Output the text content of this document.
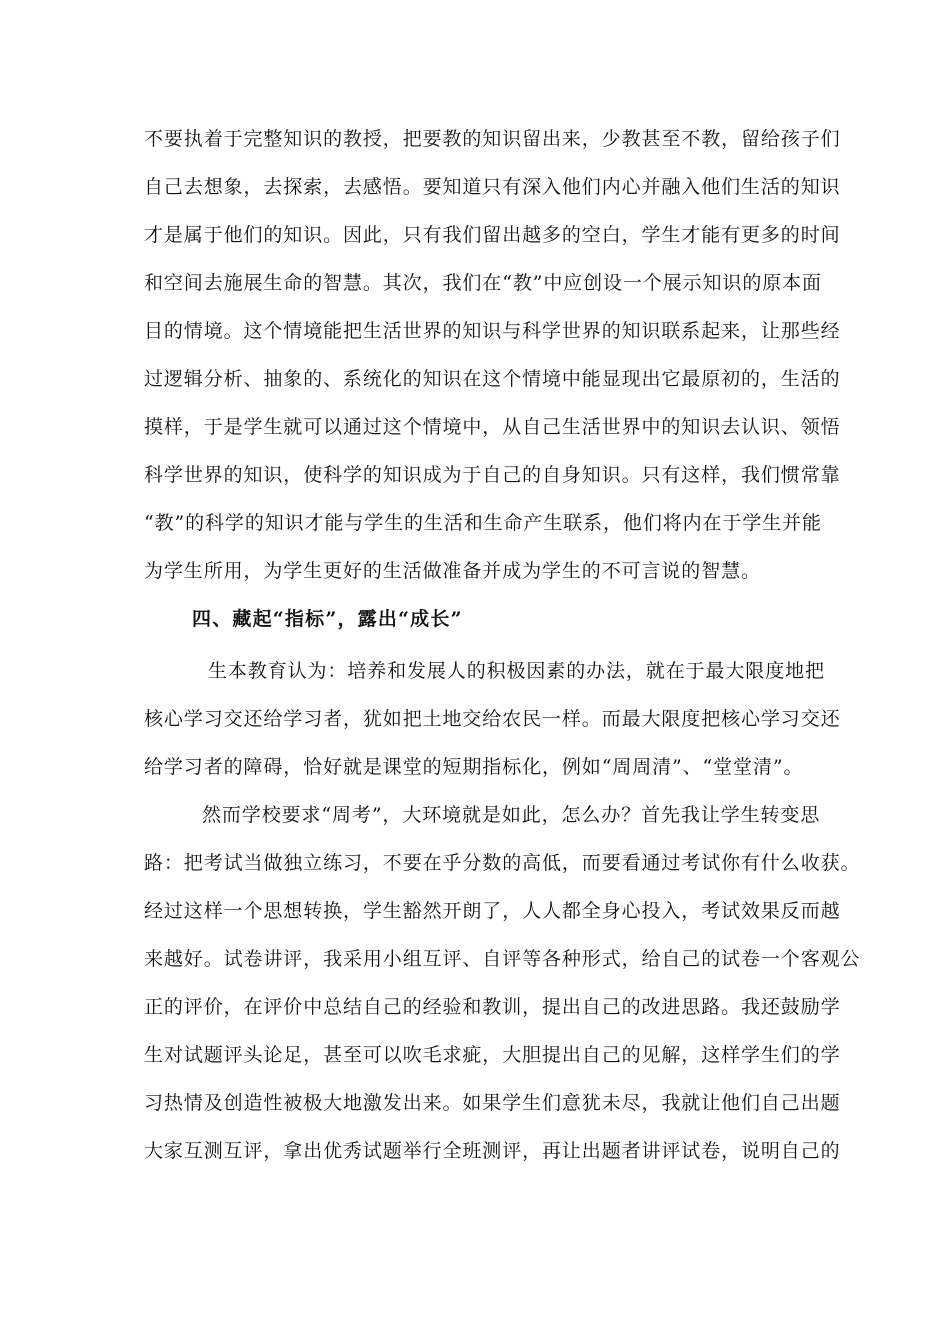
不要执着于完整知识的教授，把要教的知识留出来，少教甚至不教，留给孩子们
自己去想象，去探索，去感悟。要知道只有深入他们内心并融入他们生活的知识
才是属于他们的知识。因此，只有我们留出越多的空白，学生才能有更多的时间
和空间去施展生命的智慧。其次，我们在“教”中应创设一个展示知识的原本面
目的情境。这个情境能把生活世界的知识与科学世界的知识联系起来，让那些经
过逻辑分析、抽象的、系统化的知识在这个情境中能显现出它最原初的，生活的
摸样，于是学生就可以通过这个情境中，从自己生活世界中的知识去认识、领悟
科学世界的知识，使科学的知识成为于自己的自身知识。只有这样，我们惯常靠
“教”的科学的知识才能与学生的生活和生命产生联系，他们将内在于学生并能
为学生所用，为学生更好的生活做准备并成为学生的不可言说的智慧。
四、藏起“指标”，露出“成长”
生本教育认为：培养和发展人的积极因素的办法，就在于最大限度地把
核心学习交还给学习者，犹如把土地交给农民一样。而最大限度把核心学习交还
给学习者的障碍，恰好就是课堂的短期指标化，例如“周周清”、“堂堂清”。
然而学校要求“周考”，大环境就是如此，怎么办？首先我让学生转变思
路：把考试当做独立练习，不要在乎分数的高低，而要看通过考试你有什么收获。
经过这样一个思想转换，学生豁然开朗了，人人都全身心投入，考试效果反而越
来越好。试卷讲评，我采用小组互评、自评等各种形式，给自己的试卷一个客观公
正的评价，在评价中总结自己的经验和教训，提出自己的改进思路。我还鼓励学
生对试题评头论足，甚至可以吹毛求疵，大胆提出自己的见解，这样学生们的学
习热情及创造性被极大地激发出来。如果学生们意犹未尽，我就让他们自己出题
大家互测互评，拿出优秀试题举行全班测评，再让出题者讲评试卷，说明自己的
